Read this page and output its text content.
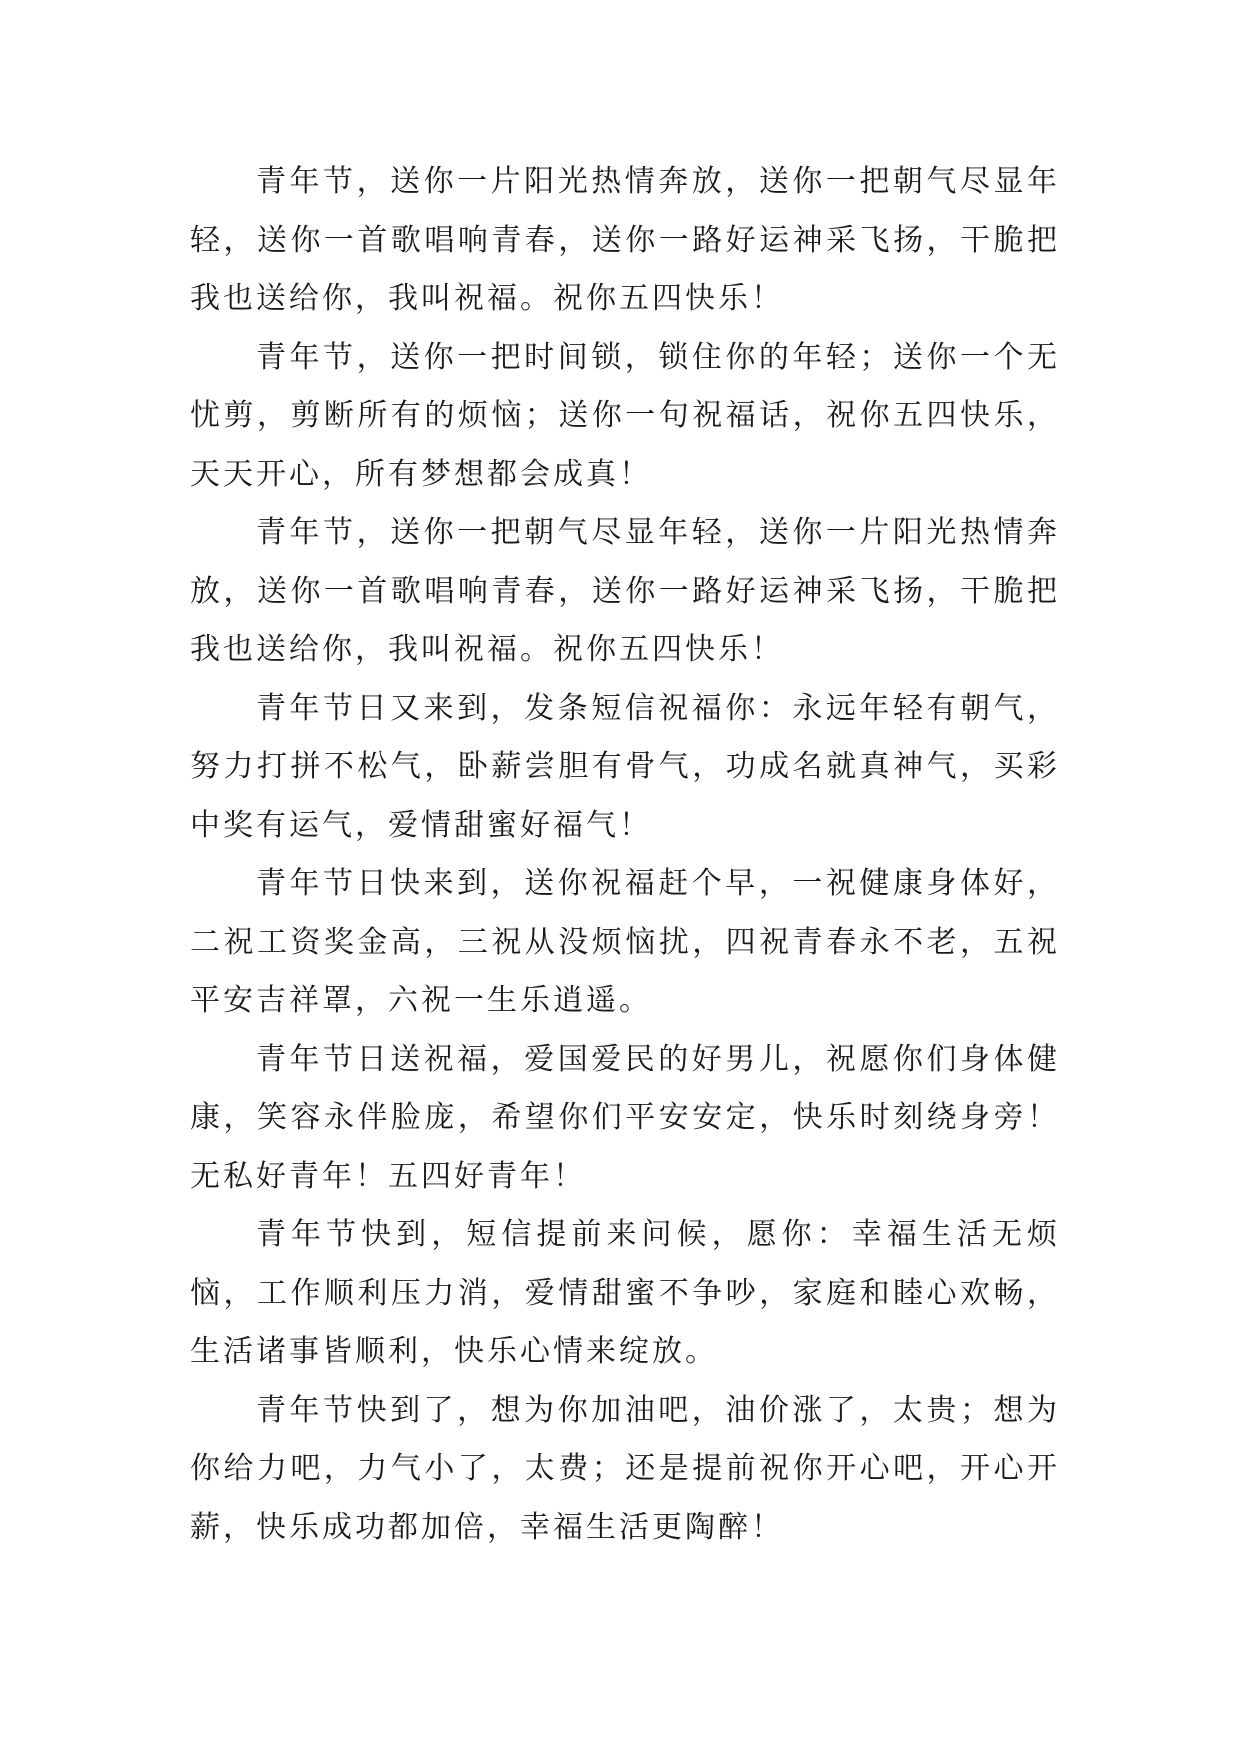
青年节，送你一片阳光热情奔放，送你一把朝气尽显年轻，送你一首歌唱响青春，送你一路好运神采飞扬，干脆把我也送给你，我叫祝福。祝你五四快乐！

青年节，送你一把时间锁，锁住你的年轻；送你一个无忧剪，剪断所有的烦恼；送你一句祝福话，祝你五四快乐，天天开心，所有梦想都会成真！

青年节，送你一把朝气尽显年轻，送你一片阳光热情奔放，送你一首歌唱响青春，送你一路好运神采飞扬，干脆把我也送给你，我叫祝福。祝你五四快乐！

青年节日又来到，发条短信祝福你：永远年轻有朝气，努力打拼不松气，卧薪尝胆有骨气，功成名就真神气，买彩中奖有运气，爱情甜蜜好福气！

青年节日快来到，送你祝福赶个早，一祝健康身体好，二祝工资奖金高，三祝从没烦恼扰，四祝青春永不老，五祝平安吉祥罩，六祝一生乐逍遥。

青年节日送祝福，爱国爱民的好男儿，祝愿你们身体健康，笑容永伴脸庞，希望你们平安安定，快乐时刻绕身旁！无私好青年！五四好青年！

青年节快到，短信提前来问候，愿你：幸福生活无烦恼，工作顺利压力消，爱情甜蜜不争吵，家庭和睦心欢畅，生活诸事皆顺利，快乐心情来绽放。

青年节快到了，想为你加油吧，油价涨了，太贵；想为你给力吧，力气小了，太费；还是提前祝你开心吧，开心开薪，快乐成功都加倍，幸福生活更陶醉！
